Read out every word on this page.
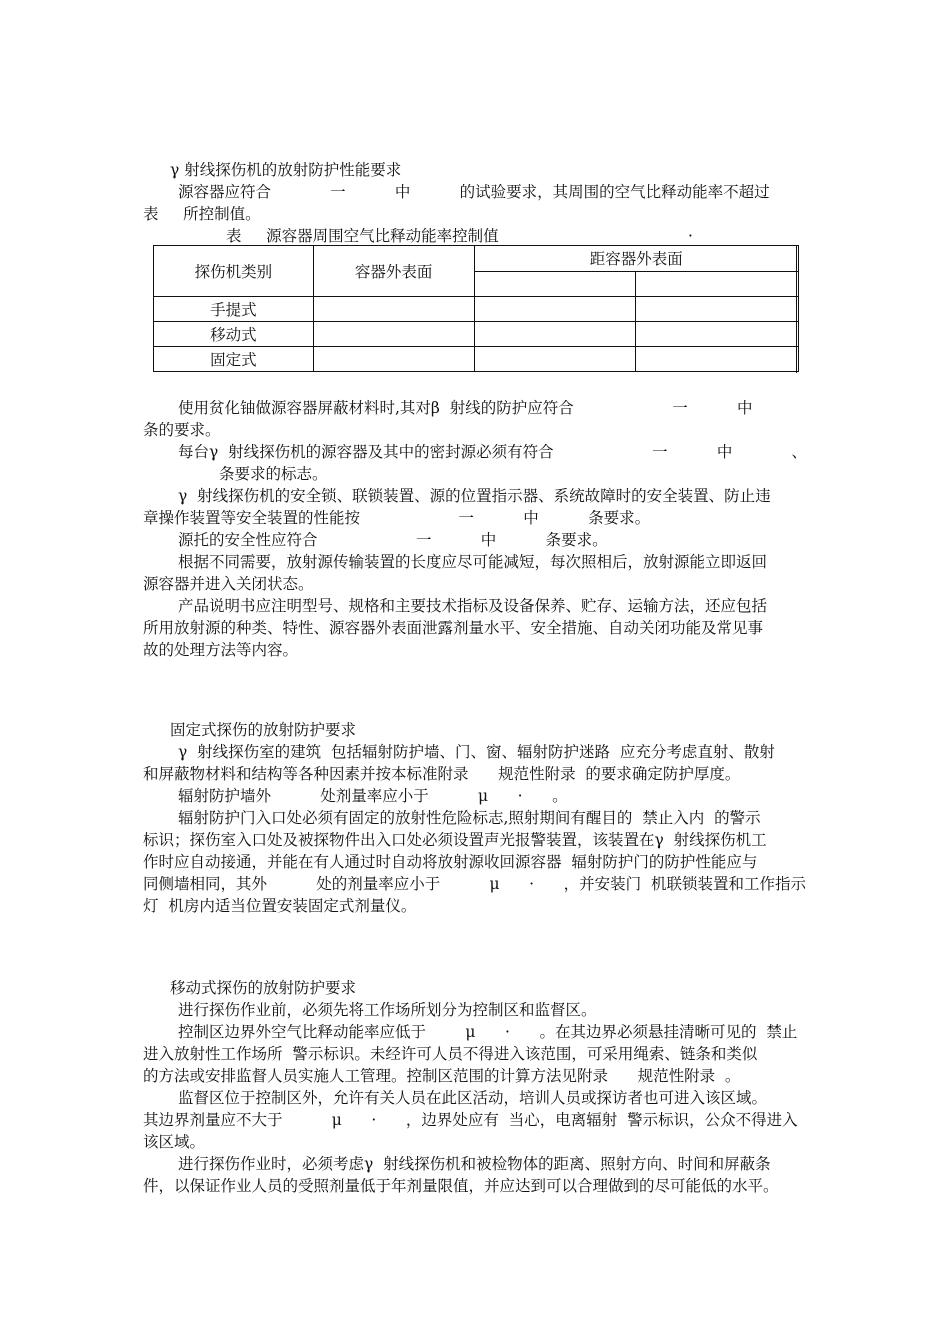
γ 射线探伤机的放射防护性能要求
源容器应符合            一          中          的试验要求，其周围的空气比释动能率不超过
表     所控制值。
表     源容器周围空气比释动能率控制值	·
探伤机类别	容器外表面	距容器外表面	

手提式			
移动式			
固定式			
使用贫化铀做源容器屏蔽材料时,其对β  射线的防护应符合                    一          中
条的要求。
每台γ  射线探伤机的源容器及其中的密封源必须有符合                    一          中            、
条要求的标志。
γ  射线探伤机的安全锁、联锁装置、源的位置指示器、系统故障时的安全装置、防止违
章操作装置等安全装置的性能按                    一          中          条要求。
源托的安全性应符合                    一          中          条要求。
根据不同需要，放射源传输装置的长度应尽可能减短，每次照相后，放射源能立即返回
源容器并进入关闭状态。
产品说明书应注明型号、规格和主要技术指标及设备保养、贮存、运输方法，还应包括
所用放射源的种类、特性、源容器外表面泄露剂量水平、安全措施、自动关闭功能及常见事
故的处理方法等内容。
固定式探伤的放射防护要求
γ  射线探伤室的建筑  包括辐射防护墙、门、窗、辐射防护迷路  应充分考虑直射、散射
和屏蔽物材料和结构等各种因素并按本标准附录      规范性附录  的要求确定防护厚度。
辐射防护墙外          处剂量率应小于          μ      ·      。
辐射防护门入口处必须有固定的放射性危险标志,照射期间有醒目的  禁止入内  的警示
标识；探伤室入口处及被探物件出入口处必须设置声光报警装置，该装置在γ  射线探伤机工
作时应自动接通，并能在有人通过时自动将放射源收回源容器  辐射防护门的防护性能应与
同侧墙相同，其外          处的剂量率应小于          μ      ·      ，并安装门  机联锁装置和工作指示
灯  机房内适当位置安装固定式剂量仪。
移动式探伤的放射防护要求
进行探伤作业前，必须先将工作场所划分为控制区和监督区。
控制区边界外空气比释动能率应低于        μ      ·      。在其边界必须悬挂清晰可见的  禁止
进入放射性工作场所  警示标识。未经许可人员不得进入该范围，可采用绳索、链条和类似
的方法或安排监督人员实施人工管理。控制区范围的计算方法见附录      规范性附录  。
监督区位于控制区外，允许有关人员在此区活动，培训人员或探访者也可进入该区域。
其边界剂量应不大于          μ      ·      ，边界处应有  当心，电离辐射  警示标识，公众不得进入
该区域。
进行探伤作业时，必须考虑γ  射线探伤机和被检物体的距离、照射方向、时间和屏蔽条
件，以保证作业人员的受照剂量低于年剂量限值，并应达到可以合理做到的尽可能低的水平。
